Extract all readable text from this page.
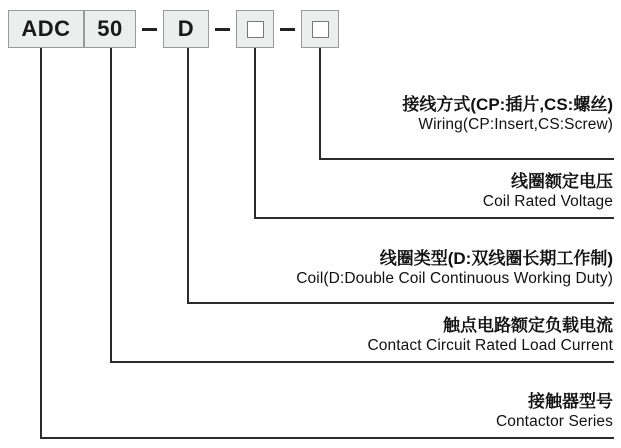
ADC 50	D
接线方式(CP:插片,CS:螺丝)
Wiring(CP:Insert,CS:Screw)
线圈额定电压
Coil Rated Voltage
线圈类型(D:双线圈长期工作制)
Coil(D:Double Coil Continuous Working Duty)
触点电路额定负载电流
Contact Circuit Rated Load Current
接触器型号
Contactor Series
